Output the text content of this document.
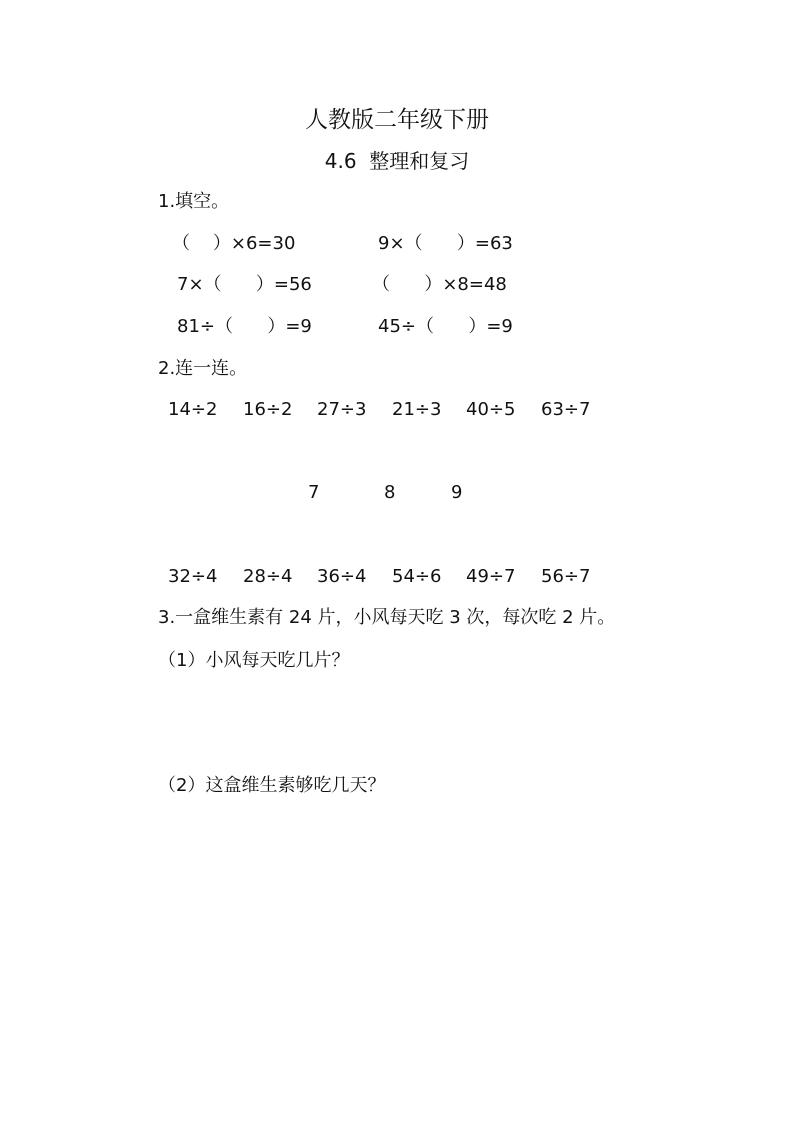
人教版二年级下册
4.6  整理和复习
1.填空。
（    ）×6=30	9×（      ）=63
7×（      ）=56	（      ）×8=48
81÷（      ）=9	45÷（      ）=9
2.连一连。
14÷2 16÷2 27÷3 21÷3 40÷5 63÷7
7	8	9
32÷4 28÷4 36÷4 54÷6 49÷7 56÷7
3.一盒维生素有 24 片，小风每天吃 3 次，每次吃 2 片。
（1）小风每天吃几片？
（2）这盒维生素够吃几天？
